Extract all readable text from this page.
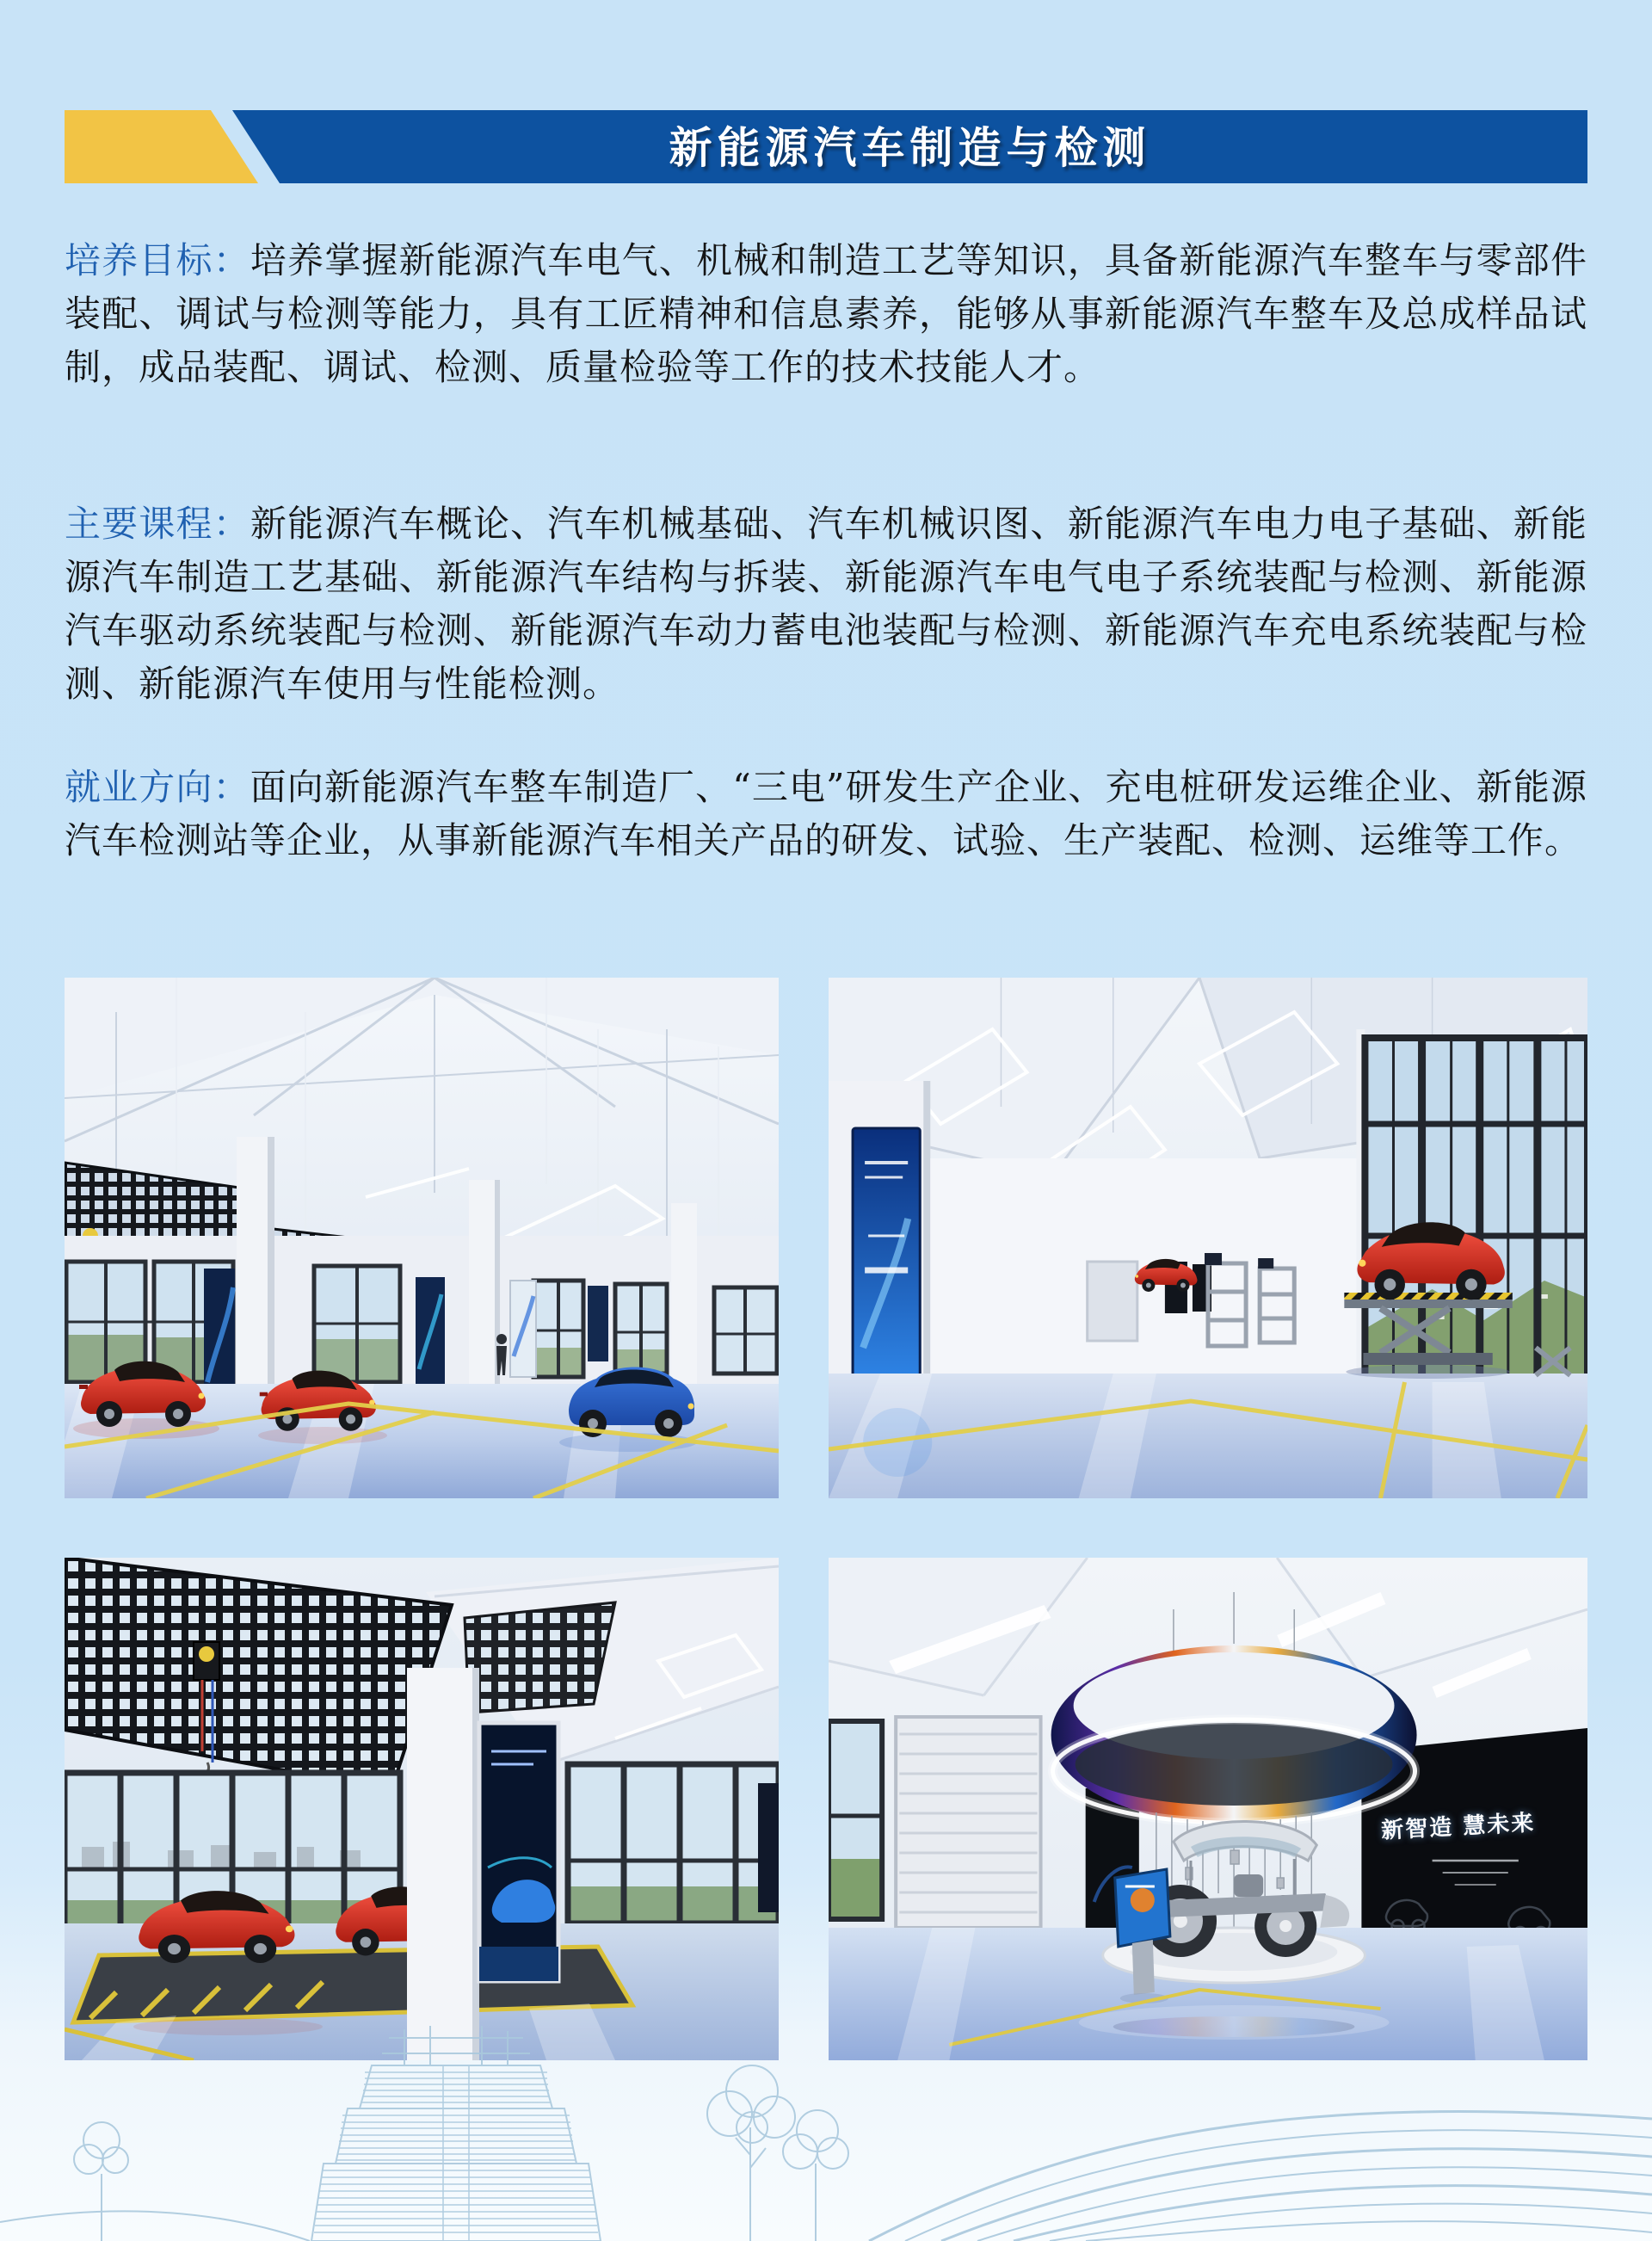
新能源汽车制造与检测
培养目标：培养掌握新能源汽车电气、机械和制造工艺等知识，具备新能源汽车整车与零部件装配、调试与检测等能力，具有工匠精神和信息素养，能够从事新能源汽车整车及总成样品试制，成品装配、调试、检测、质量检验等工作的技术技能人才。
主要课程：新能源汽车概论、汽车机械基础、汽车机械识图、新能源汽车电力电子基础、新能源汽车制造工艺基础、新能源汽车结构与拆装、新能源汽车电气电子系统装配与检测、新能源汽车驱动系统装配与检测、新能源汽车动力蓄电池装配与检测、新能源汽车充电系统装配与检测、新能源汽车使用与性能检测。
就业方向：面向新能源汽车整车制造厂、“三电”研发生产企业、充电桩研发运维企业、新能源汽车检测站等企业，从事新能源汽车相关产品的研发、试验、生产装配、检测、运维等工作。
新智造 慧未来
